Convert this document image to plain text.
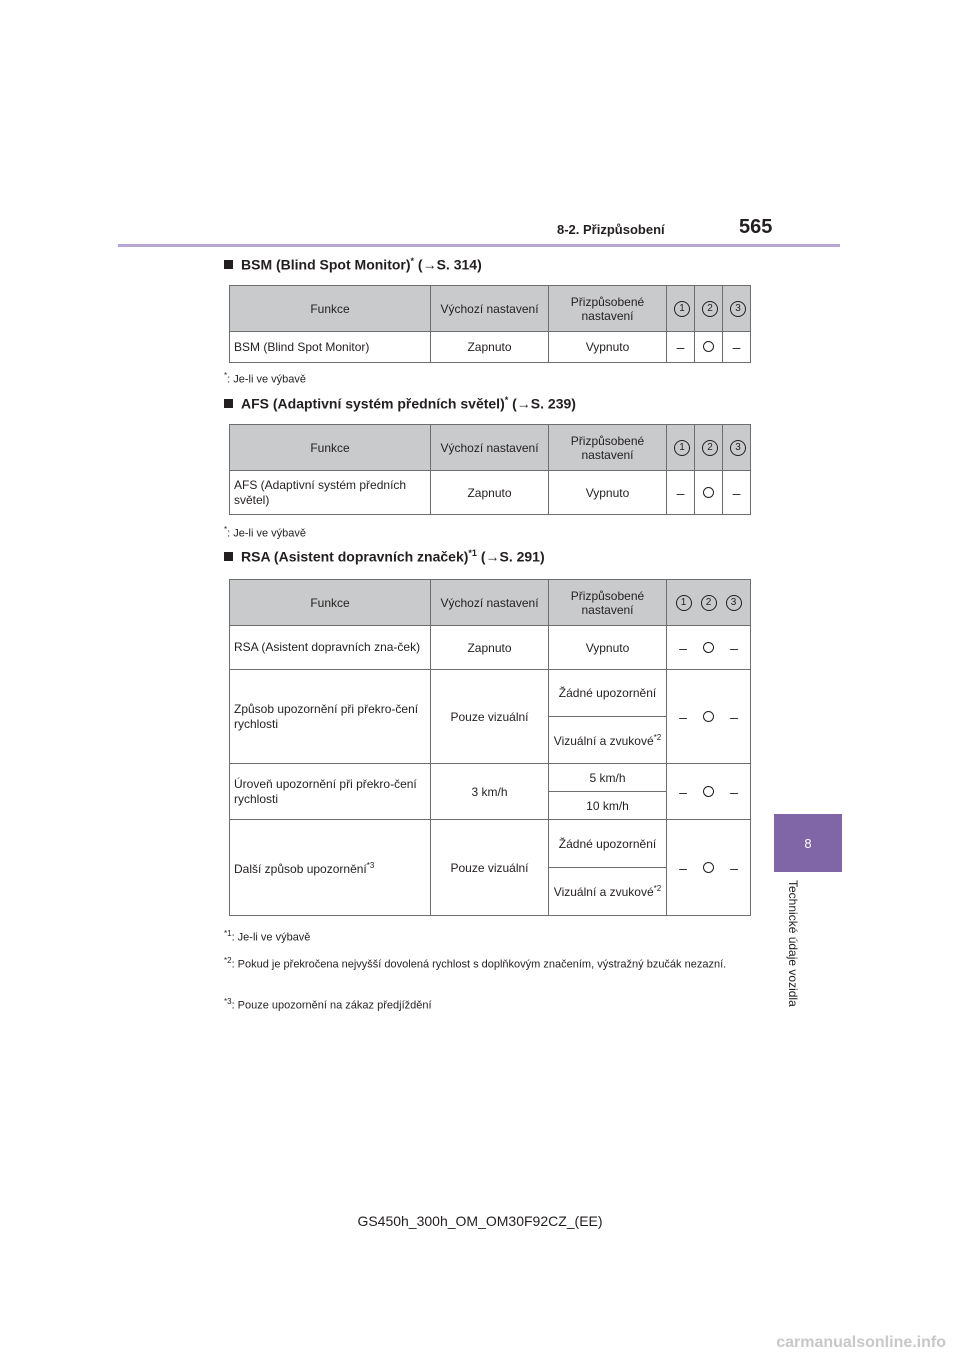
8-2. Přizpůsobení	565
8
Technické údaje vozidla
BSM (Blind Spot Monitor)* (→S. 314)
Funkce	Výchozí nastavení	Přizpůsobené nastavení	1	2	3
BSM (Blind Spot Monitor)	Zapnuto	Vypnuto	–		–
*: Je-li ve výbavě
AFS (Adaptivní systém předních světel)* (→S. 239)
Funkce	Výchozí nastavení	Přizpůsobené nastavení	1	2	3
AFS (Adaptivní systém předních světel)	Zapnuto	Vypnuto	–		–
*: Je-li ve výbavě
RSA (Asistent dopravních značek)$^{*1}$ (→S. 291)
Funkce	Výchozí nastavení	Přizpůsobené nastavení	1 2 3

RSA (Asistent dopravních zna-ček)	Zapnuto	Vypnuto	– ○ –

Způsob upozornění při překro-čení rychlosti	Pouze vizuální	Žádné upozornění	– ○ –

		Vizuální a zvukové$^{*2}$
Úroveň upozornění při překro-čení rychlosti	3 km/h	5 km/h	– ○ –

		10 km/h	
Další způsob upozornění$^{*3}$	Pouze vizuální	Žádné upozornění	– ○ –

		Vizuální a zvukové$^{*2}$
$^{*1}$: Je-li ve výbavě
$^{*2}$: Pokud je překročena nejvyšší dovolená rychlost s doplňkovým značením, výstražný bzučák nezazní.
$^{*3}$: Pouze upozornění na zákaz předjíždění
GS450h_300h_OM_OM30F92CZ_(EE)
carmanualsonline.info
